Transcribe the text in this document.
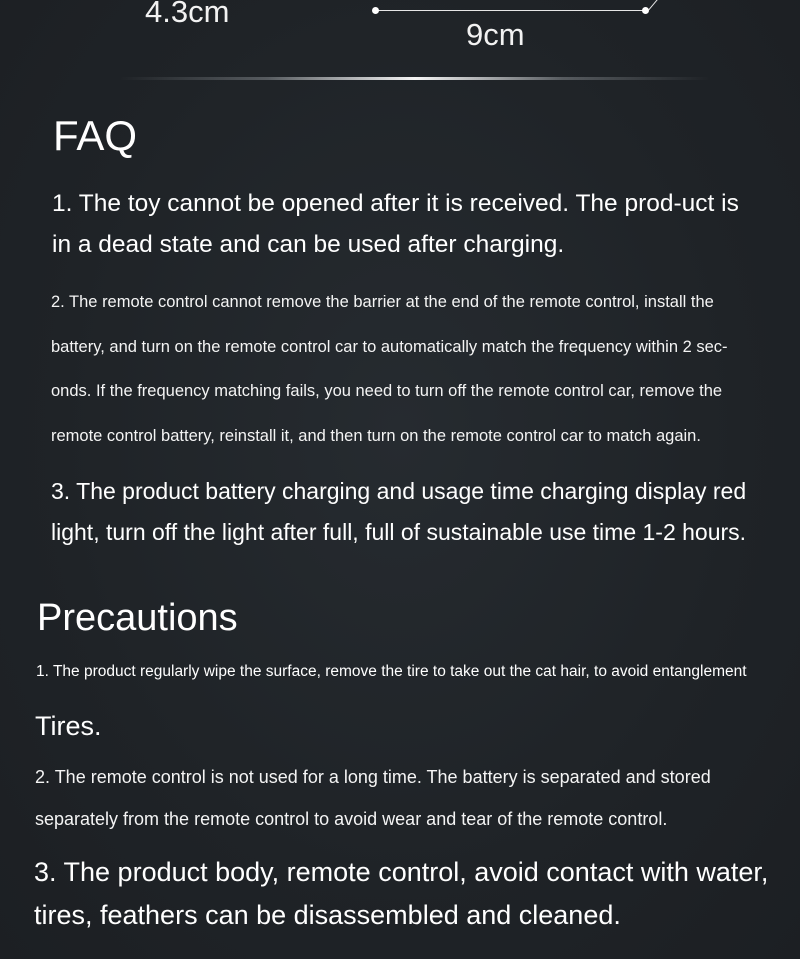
4.3cm
9cm
FAQ

1. The toy cannot be opened after it is received. The prod-uct is in a dead state and can be used after charging.

2. The remote control cannot remove the barrier at the end of the remote control, install the battery, and turn on the remote control car to automatically match the frequency within 2 sec-onds. If the frequency matching fails, you need to turn off the remote control car, remove the remote control battery, reinstall it, and then turn on the remote control car to match again.

3. The product battery charging and usage time charging display red light, turn off the light after full, full of sustainable use time 1-2 hours.

Precautions

1. The product regularly wipe the surface, remove the tire to take out the cat hair, to avoid entanglement

Tires.

2. The remote control is not used for a long time. The battery is separated and stored separately from the remote control to avoid wear and tear of the remote control.

3. The product body, remote control, avoid contact with water, tires, feathers can be disassembled and cleaned.
